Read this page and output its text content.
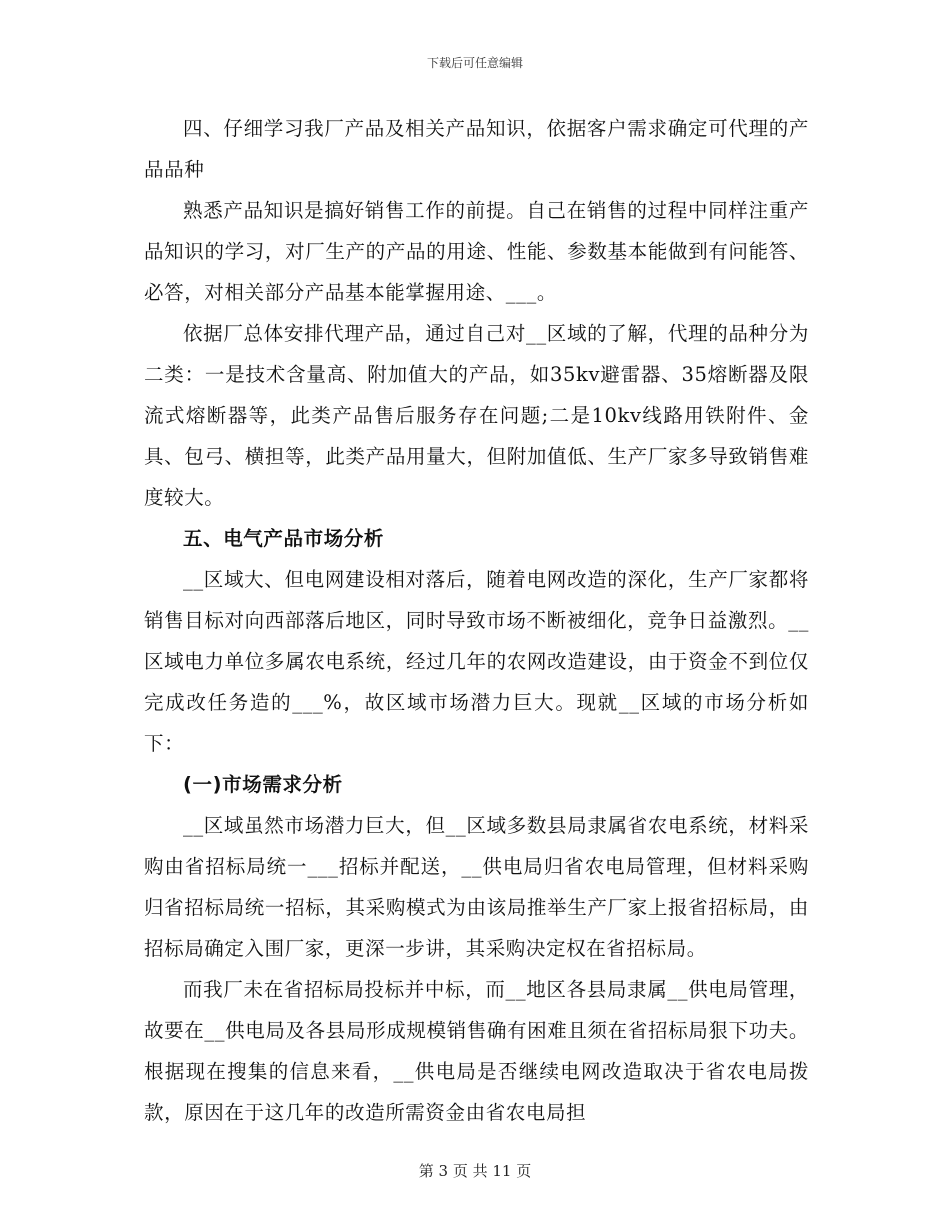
下载后可任意编辑

四、仔细学习我厂产品及相关产品知识，依据客户需求确定可代理的产品品种

熟悉产品知识是搞好销售工作的前提。自己在销售的过程中同样注重产品知识的学习，对厂生产的产品的用途、性能、参数基本能做到有问能答、必答，对相关部分产品基本能掌握用途、___。

依据厂总体安排代理产品，通过自己对__区域的了解，代理的品种分为二类：一是技术含量高、附加值大的产品，如35kv避雷器、35熔断器及限流式熔断器等，此类产品售后服务存在问题;二是10kv线路用铁附件、金具、包弓、横担等，此类产品用量大，但附加值低、生产厂家多导致销售难度较大。

五、电气产品市场分析

__区域大、但电网建设相对落后，随着电网改造的深化，生产厂家都将销售目标对向西部落后地区，同时导致市场不断被细化，竞争日益激烈。__区域电力单位多属农电系统，经过几年的农网改造建设，由于资金不到位仅完成改任务造的___%，故区域市场潜力巨大。现就__区域的市场分析如下：

(一)市场需求分析

__区域虽然市场潜力巨大，但__区域多数县局隶属省农电系统，材料采购由省招标局统一___招标并配送，__供电局归省农电局管理，但材料采购归省招标局统一招标，其采购模式为由该局推举生产厂家上报省招标局，由招标局确定入围厂家，更深一步讲，其采购决定权在省招标局。

而我厂未在省招标局投标并中标，而__地区各县局隶属__供电局管理，故要在__供电局及各县局形成规模销售确有困难且须在省招标局狠下功夫。根据现在搜集的信息来看，__供电局是否继续电网改造取决于省农电局拨款，原因在于这几年的改造所需资金由省农电局担

第 3 页 共 11 页
